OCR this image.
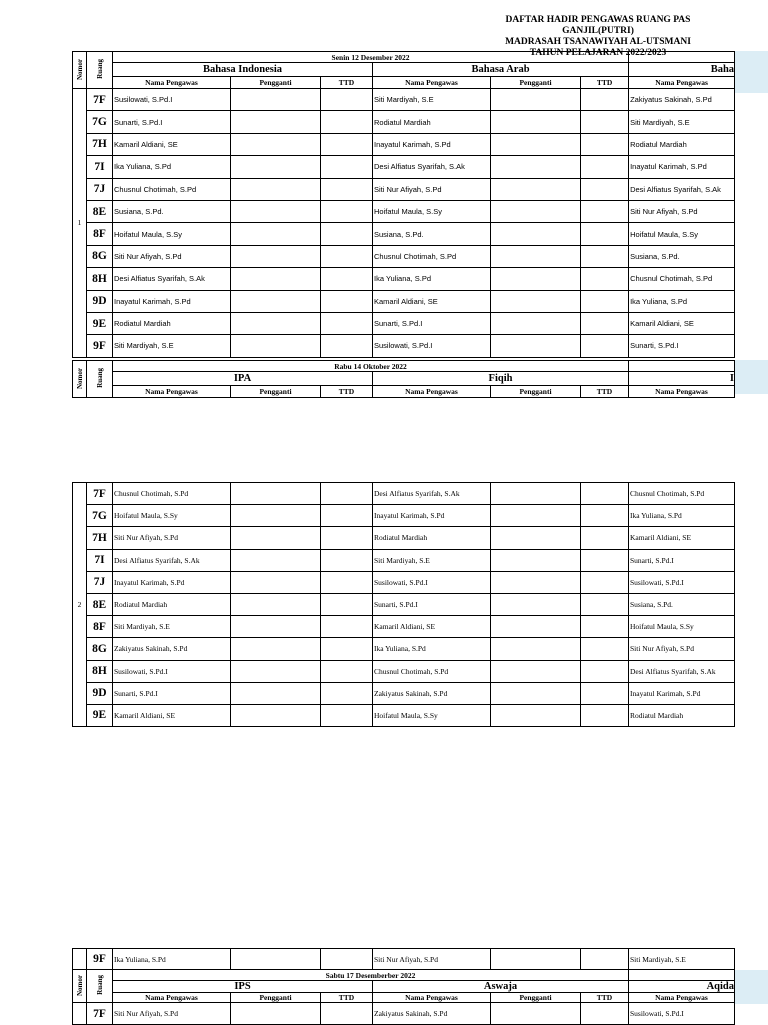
DAFTAR HADIR PENGAWAS RUANG PAS GANJIL(PUTRI)
MADRASAH TSANAWIYAH AL-UTSMANI
TAHUN PELAJARAN 2022/2023
Nomor	Ruang	Senin 12 Desember 2022						
		Bahasa Indonesia			Bahasa Arab			Baha
		Nama Pengawas	Pengganti	TTD	Nama Pengawas	Pengganti	TTD	Nama Pengawas
1	7F	Susilowati, S.Pd.I			Siti Mardiyah, S.E			Zakiyatus Sakinah, S.Pd
	7G	Sunarti, S.Pd.I			Rodiatul Mardiah			Siti Mardiyah, S.E
	7H	Kamaril Aldiani, SE			Inayatul Karimah, S.Pd			Rodiatul Mardiah
	7I	Ika Yuliana, S.Pd			Desi Alfiatus Syarifah, S.Ak			Inayatul Karimah, S.Pd
	7J	Chusnul Chotimah, S.Pd			Siti Nur Afiyah, S.Pd			Desi Alfiatus Syarifah, S.Ak
	8E	Susiana, S.Pd.			Hoifatul Maula, S.Sy			Siti Nur Afiyah, S.Pd
	8F	Hoifatul Maula, S.Sy			Susiana, S.Pd.			Hoifatul Maula, S.Sy
	8G	Siti Nur Afiyah, S.Pd			Chusnul Chotimah, S.Pd			Susiana, S.Pd.
	8H	Desi Alfiatus Syarifah, S.Ak			Ika Yuliana, S.Pd			Chusnul Chotimah, S.Pd
	9D	Inayatul Karimah, S.Pd			Kamaril Aldiani, SE			Ika Yuliana, S.Pd
	9E	Rodiatul Mardiah			Sunarti, S.Pd.I			Kamaril Aldiani, SE
	9F	Siti Mardiyah, S.E			Susilowati, S.Pd.I			Sunarti, S.Pd.I
Nomor	Ruang	Rabu 14 Oktober 2022						
		IPA			Fiqih			I
		Nama Pengawas	Pengganti	TTD	Nama Pengawas	Pengganti	TTD	Nama Pengawas
2	7F	Chusnul Chotimah, S.Pd			Desi Alfiatus Syarifah, S.Ak			Chusnul Chotimah, S.Pd
	7G	Hoifatul Maula, S.Sy			Inayatul Karimah, S.Pd			Ika Yuliana, S.Pd
	7H	Siti Nur Afiyah, S.Pd			Rodiatul Mardiah			Kamaril Aldiani, SE
	7I	Desi Alfiatus Syarifah, S.Ak			Siti Mardiyah, S.E			Sunarti, S.Pd.I
	7J	Inayatul Karimah, S.Pd			Susilowati, S.Pd.I			Susilowati, S.Pd.I
	8E	Rodiatul Mardiah			Sunarti, S.Pd.I			Susiana, S.Pd.
	8F	Siti Mardiyah, S.E			Kamaril Aldiani, SE			Hoifatul Maula, S.Sy
	8G	Zakiyatus Sakinah, S.Pd			Ika Yuliana, S.Pd			Siti Nur Afiyah, S.Pd
	8H	Susilowati, S.Pd.I			Chusnul Chotimah, S.Pd			Desi Alfiatus Syarifah, S.Ak
	9D	Sunarti, S.Pd.I			Zakiyatus Sakinah, S.Pd			Inayatul Karimah, S.Pd
	9E	Kamaril Aldiani, SE			Hoifatul Maula, S.Sy			Rodiatul Mardiah
	9F	Ika Yuliana, S.Pd			Siti Nur Afiyah, S.Pd			Siti Mardiyah, S.E
Nomor	Ruang	Sabtu 17 Desemberber 2022						
		IPS			Aswaja			Aqida
		Nama Pengawas	Pengganti	TTD	Nama Pengawas	Pengganti	TTD	Nama Pengawas
	7F	Siti Nur Afiyah, S.Pd			Zakiyatus Sakinah, S.Pd			Susilowati, S.Pd.I
